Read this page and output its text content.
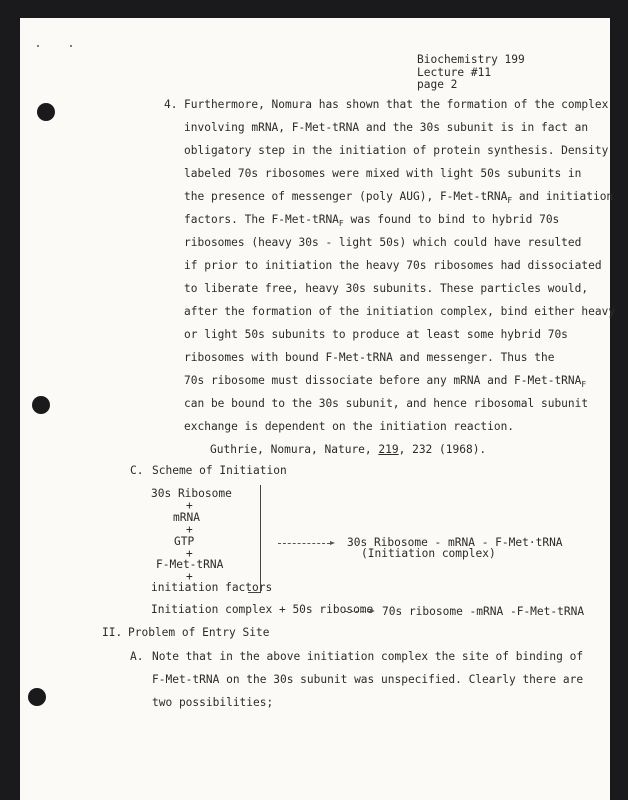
Biochemistry 199
Lecture #11
page 2
4. Furthermore, Nomura has shown that the formation of the complex
involving mRNA, F-Met-tRNA and the 30s subunit is in fact an
obligatory step in the initiation of protein synthesis. Density
labeled 70s ribosomes were mixed with light 50s subunits in
the presence of messenger (poly AUG), F-Met-tRNA$_F$ and initiation
factors. The F-Met-tRNA$_F$ was found to bind to hybrid 70s
ribosomes (heavy 30s - light 50s) which could have resulted
if prior to initiation the heavy 70s ribosomes had dissociated
to liberate free, heavy 30s subunits. These particles would,
after the formation of the initiation complex, bind either heavy
or light 50s subunits to produce at least some hybrid 70s
ribosomes with bound F-Met-tRNA and messenger. Thus the
70s ribosome must dissociate before any mRNA and F-Met-tRNA$_F$
can be bound to the 30s subunit, and hence ribosomal subunit
exchange is dependent on the initiation reaction.
Guthrie, Nomura, Nature, 219, 232 (1968).
C. Scheme of Initiation
30s Ribosome
+
mRNA
+
GTP
+
F-Met-tRNA
+
initiation factors
30s Ribosome - mRNA - F-Met·tRNA
(Initiation complex)
Initiation complex + 50s ribosome 70s ribosome -mRNA -F-Met-tRNA
II. Problem of Entry Site
A. Note that in the above initiation complex the site of binding of
F-Met-tRNA on the 30s subunit was unspecified. Clearly there are
two possibilities;
